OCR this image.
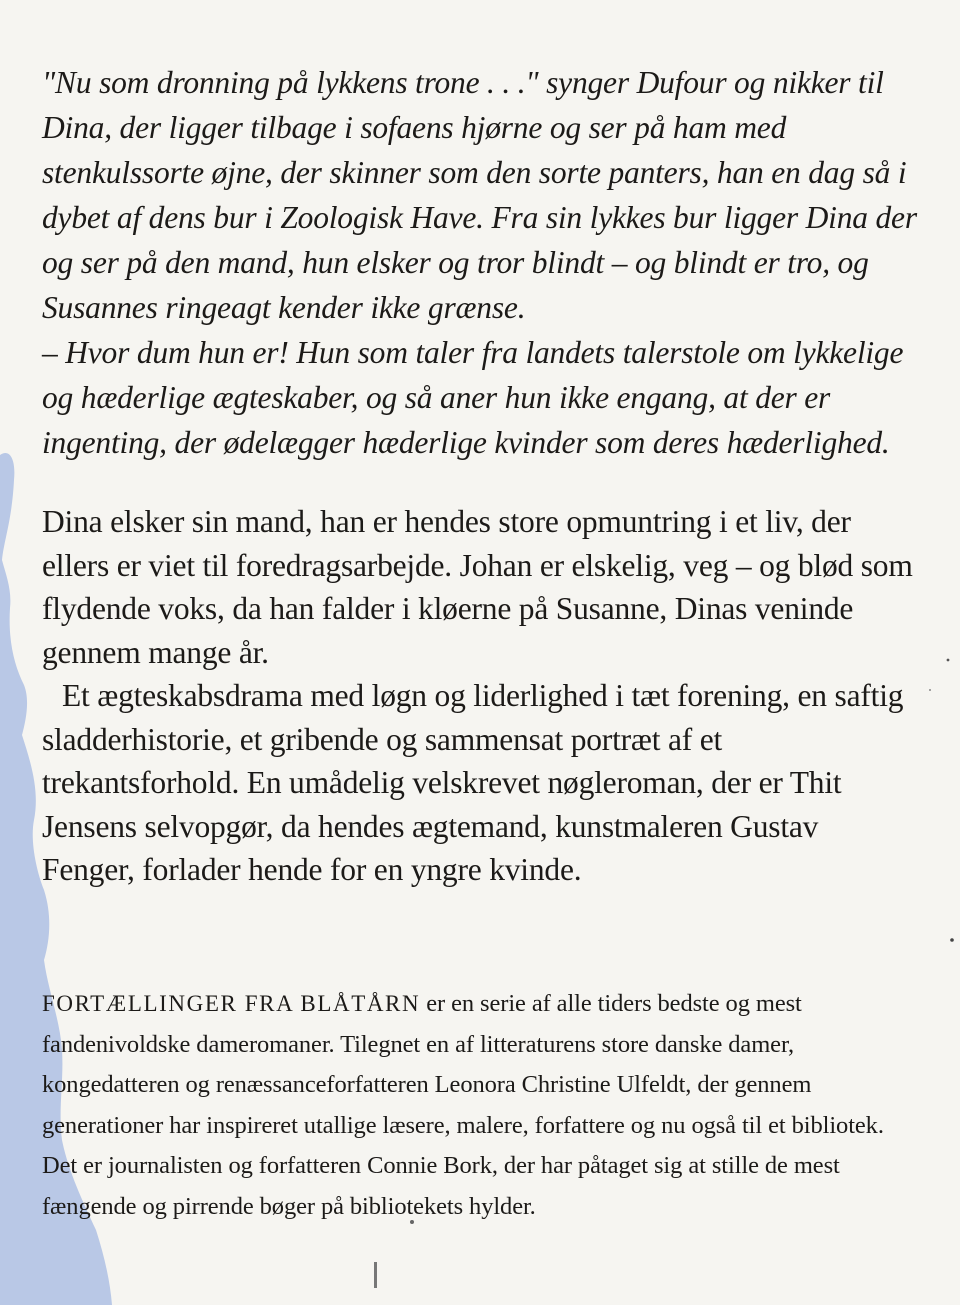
"Nu som dronning på lykkens trone . . ." synger Dufour og nikker til Dina, der ligger tilbage i sofaens hjørne og ser på ham med stenkulssorte øjne, der skinner som den sorte panters, han en dag så i dybet af dens bur i Zoologisk Have. Fra sin lykkes bur ligger Dina der og ser på den mand, hun elsker og tror blindt – og blindt er tro, og Susannes ringeagt kender ikke grænse.

– Hvor dum hun er! Hun som taler fra landets talerstole om lykkelige og hæderlige ægteskaber, og så aner hun ikke engang, at der er ingenting, der ødelægger hæderlige kvinder som deres hæderlighed.

Dina elsker sin mand, han er hendes store opmuntring i et liv, der ellers er viet til foredragsarbejde. Johan er elskelig, veg – og blød som flydende voks, da han falder i kløerne på Susanne, Dinas veninde gennem mange år.

Et ægteskabsdrama med løgn og liderlighed i tæt forening, en saftig sladderhistorie, et gribende og sammensat portræt af et trekantsforhold. En umådelig velskrevet nøgleroman, der er Thit Jensens selvopgør, da hendes ægtemand, kunstmaleren Gustav Fenger, forlader hende for en yngre kvinde.

FORTÆLLINGER FRA BLÅTÅRN er en serie af alle tiders bedste og mest fandenivoldske dameromaner. Tilegnet en af litteraturens store danske damer, kongedatteren og renæssanceforfatteren Leonora Christine Ulfeldt, der gennem generationer har inspireret utallige læsere, malere, forfattere og nu også til et bibliotek. Det er journalisten og forfatteren Connie Bork, der har påtaget sig at stille de mest fængende og pirrende bøger på bibliotekets hylder.
